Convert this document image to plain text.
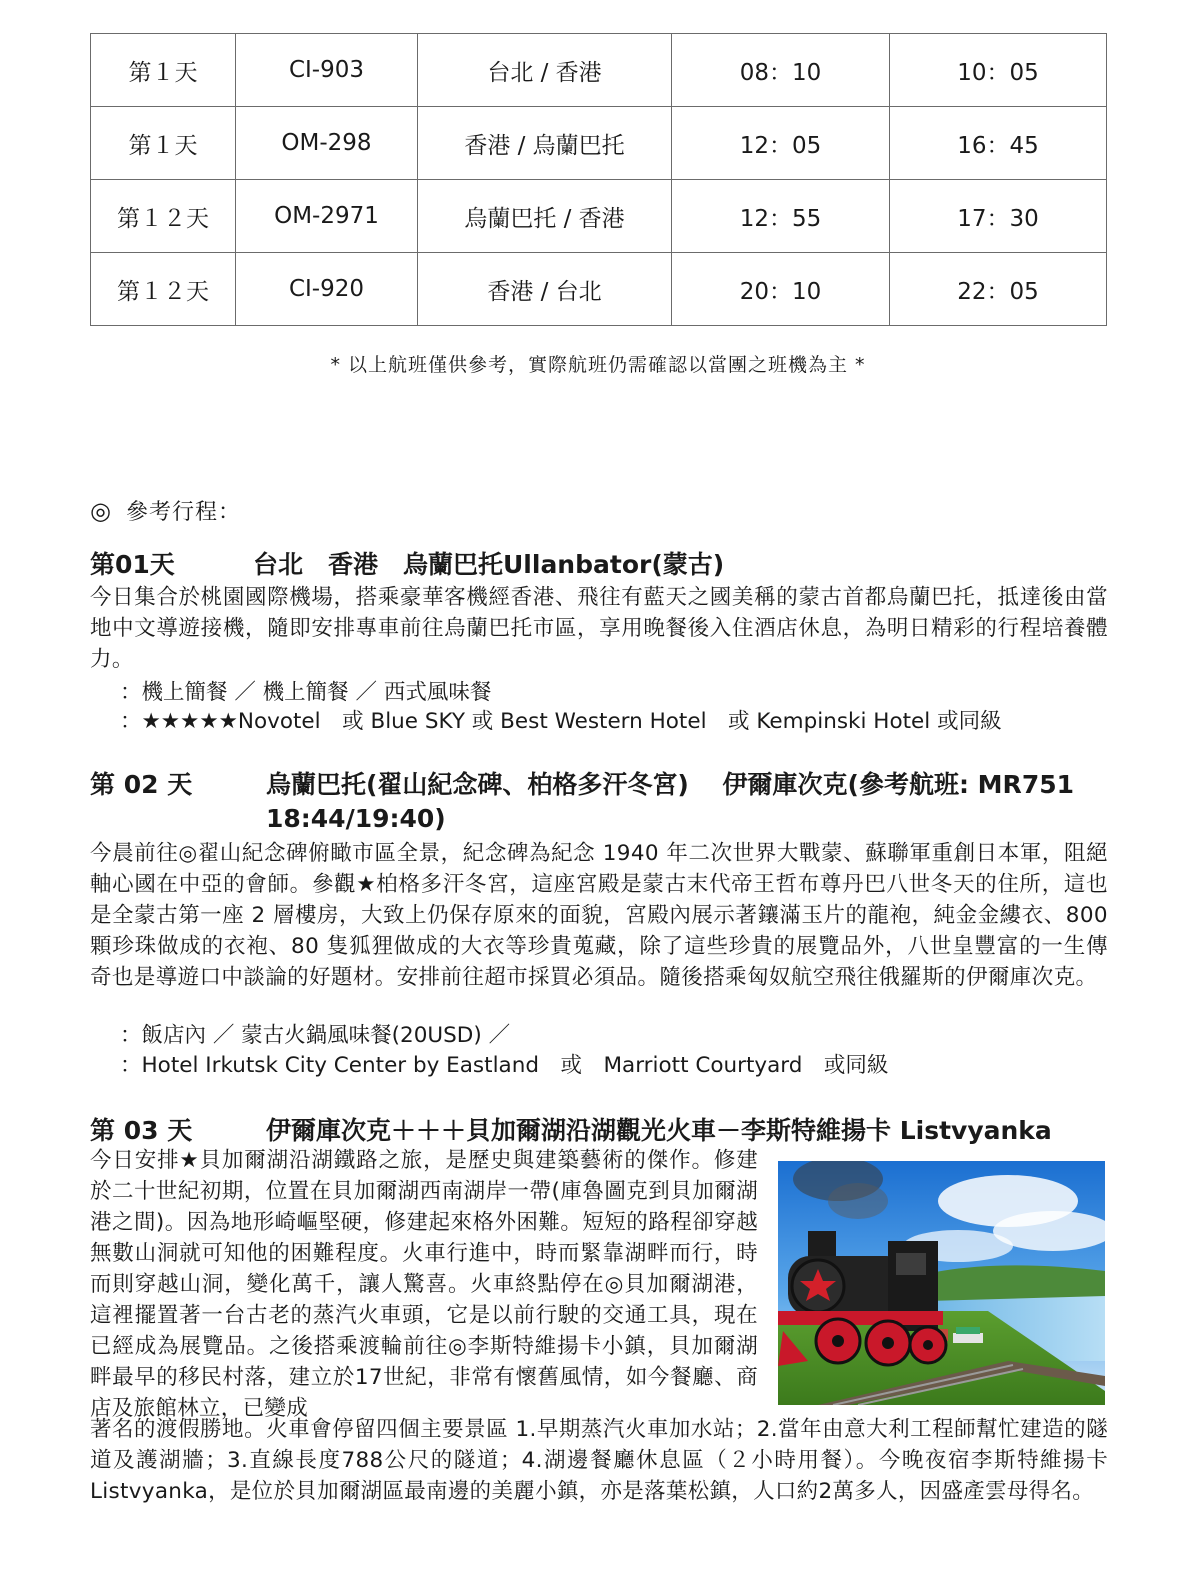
第１天	CI-903	台北 / 香港	08：10	10：05
第１天	OM-298	香港 / 烏蘭巴托	12：05	16：45
第１２天	OM-2971	烏蘭巴托 / 香港	12：55	17：30
第１２天	CI-920	香港 / 台北	20：10	22：05
* 以上航班僅供參考，實際航班仍需確認以當團之班機為主 *
◎ 參考行程：
第01天	台北　香港　烏蘭巴托Ullanbator(蒙古)
今日集合於桃園國際機場，搭乘豪華客機經香港、飛往有藍天之國美稱的蒙古首都烏蘭巴托，抵達後由當地中文導遊接機，隨即安排專車前往烏蘭巴托市區，享用晚餐後入住酒店休息，為明日精彩的行程培養體力。
：機上簡餐 ／ 機上簡餐 ／ 西式風味餐
：★★★★★Novotel　或 Blue SKY 或 Best Western Hotel　或 Kempinski Hotel 或同級
第 02 天	烏蘭巴托(翟山紀念碑、柏格多汗冬宮)　 伊爾庫次克(參考航班: MR751
18:44/19:40)
今晨前往◎翟山紀念碑俯瞰市區全景，紀念碑為紀念 1940 年二次世界大戰蒙、蘇聯軍重創日本軍，阻絕軸心國在中亞的會師。參觀★柏格多汗冬宮，這座宮殿是蒙古末代帝王哲布尊丹巴八世冬天的住所，這也是全蒙古第一座 2 層樓房，大致上仍保存原來的面貌，宮殿內展示著鑲滿玉片的龍袍，純金金縷衣、800 顆珍珠做成的衣袍、80 隻狐狸做成的大衣等珍貴蒐藏，除了這些珍貴的展覽品外，八世皇豐富的一生傳奇也是導遊口中談論的好題材。安排前往超市採買必須品。隨後搭乘匈奴航空飛往俄羅斯的伊爾庫次克。
：飯店內 ／ 蒙古火鍋風味餐(20USD) ／
：Hotel Irkutsk City Center by Eastland　或　Marriott Courtyard　或同級
第 03 天	伊爾庫次克＋＋＋貝加爾湖沿湖觀光火車－李斯特維揚卡 Listvyanka
今日安排★貝加爾湖沿湖鐵路之旅，是歷史與建築藝術的傑作。修建於二十世紀初期，位置在貝加爾湖西南湖岸一帶(庫魯圖克到貝加爾湖港之間)。因為地形崎嶇堅硬，修建起來格外困難。短短的路程卻穿越無數山洞就可知他的困難程度。火車行進中，時而緊靠湖畔而行，時而則穿越山洞，變化萬千，讓人驚喜。火車終點停在◎貝加爾湖港，這裡擺置著一台古老的蒸汽火車頭，它是以前行駛的交通工具，現在已經成為展覽品。之後搭乘渡輪前往◎李斯特維揚卡小鎮，貝加爾湖畔最早的移民村落，建立於17世紀，非常有懷舊風情，如今餐廳、商店及旅館林立，已變成
著名的渡假勝地。火車會停留四個主要景區 1.早期蒸汽火車加水站；2.當年由意大利工程師幫忙建造的隧道及護湖牆；3.直線長度788公尺的隧道；4.湖邊餐廳休息區（２小時用餐）。今晚夜宿李斯特維揚卡Listvyanka，是位於貝加爾湖區最南邊的美麗小鎮，亦是落葉松鎮，人口約2萬多人，因盛產雲母得名。
